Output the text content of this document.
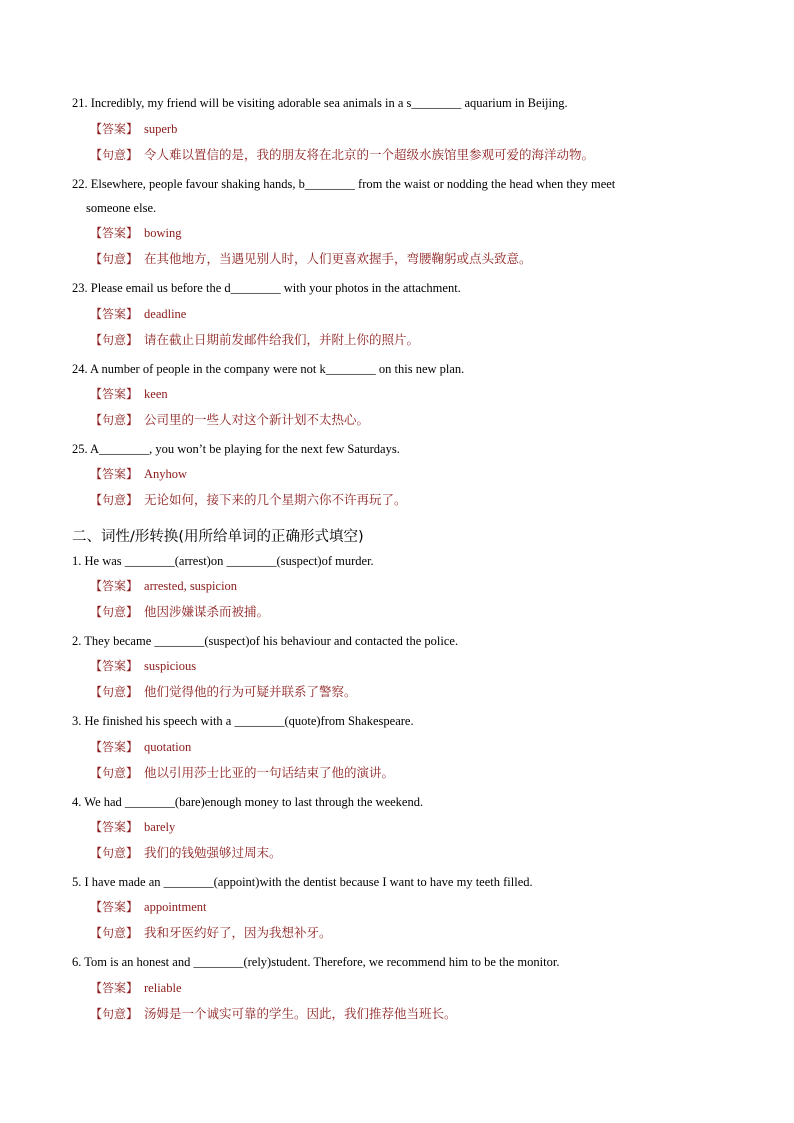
21. Incredibly, my friend will be visiting adorable sea animals in a s________ aquarium in Beijing.
【答案】 superb
【句意】 令人难以置信的是，我的朋友将在北京的一个超级水族馆里参观可爱的海洋动物。
22. Elsewhere, people favour shaking hands, b________ from the waist or nodding the head when they meet
someone else.
【答案】 bowing
【句意】 在其他地方，当遇见别人时，人们更喜欢握手，弯腰鞠躬或点头致意。
23. Please email us before the d________ with your photos in the attachment.
【答案】 deadline
【句意】 请在截止日期前发邮件给我们，并附上你的照片。
24. A number of people in the company were not k________ on this new plan.
【答案】 keen
【句意】 公司里的一些人对这个新计划不太热心。
25. A________, you won’t be playing for the next few Saturdays.
【答案】 Anyhow
【句意】 无论如何，接下来的几个星期六你不许再玩了。
二、词性/形转换(用所给单词的正确形式填空)
1. He was ________(arrest)on ________(suspect)of murder.
【答案】 arrested, suspicion
【句意】 他因涉嫌谋杀而被捕。
2. They became ________(suspect)of his behaviour and contacted the police.
【答案】 suspicious
【句意】 他们觉得他的行为可疑并联系了警察。
3. He finished his speech with a ________(quote)from Shakespeare.
【答案】 quotation
【句意】 他以引用莎士比亚的一句话结束了他的演讲。
4. We had ________(bare)enough money to last through the weekend.
【答案】 barely
【句意】 我们的钱勉强够过周末。
5. I have made an ________(appoint)with the dentist because I want to have my teeth filled.
【答案】 appointment
【句意】 我和牙医约好了，因为我想补牙。
6. Tom is an honest and ________(rely)student. Therefore, we recommend him to be the monitor.
【答案】 reliable
【句意】 汤姆是一个诚实可靠的学生。因此，我们推荐他当班长。
